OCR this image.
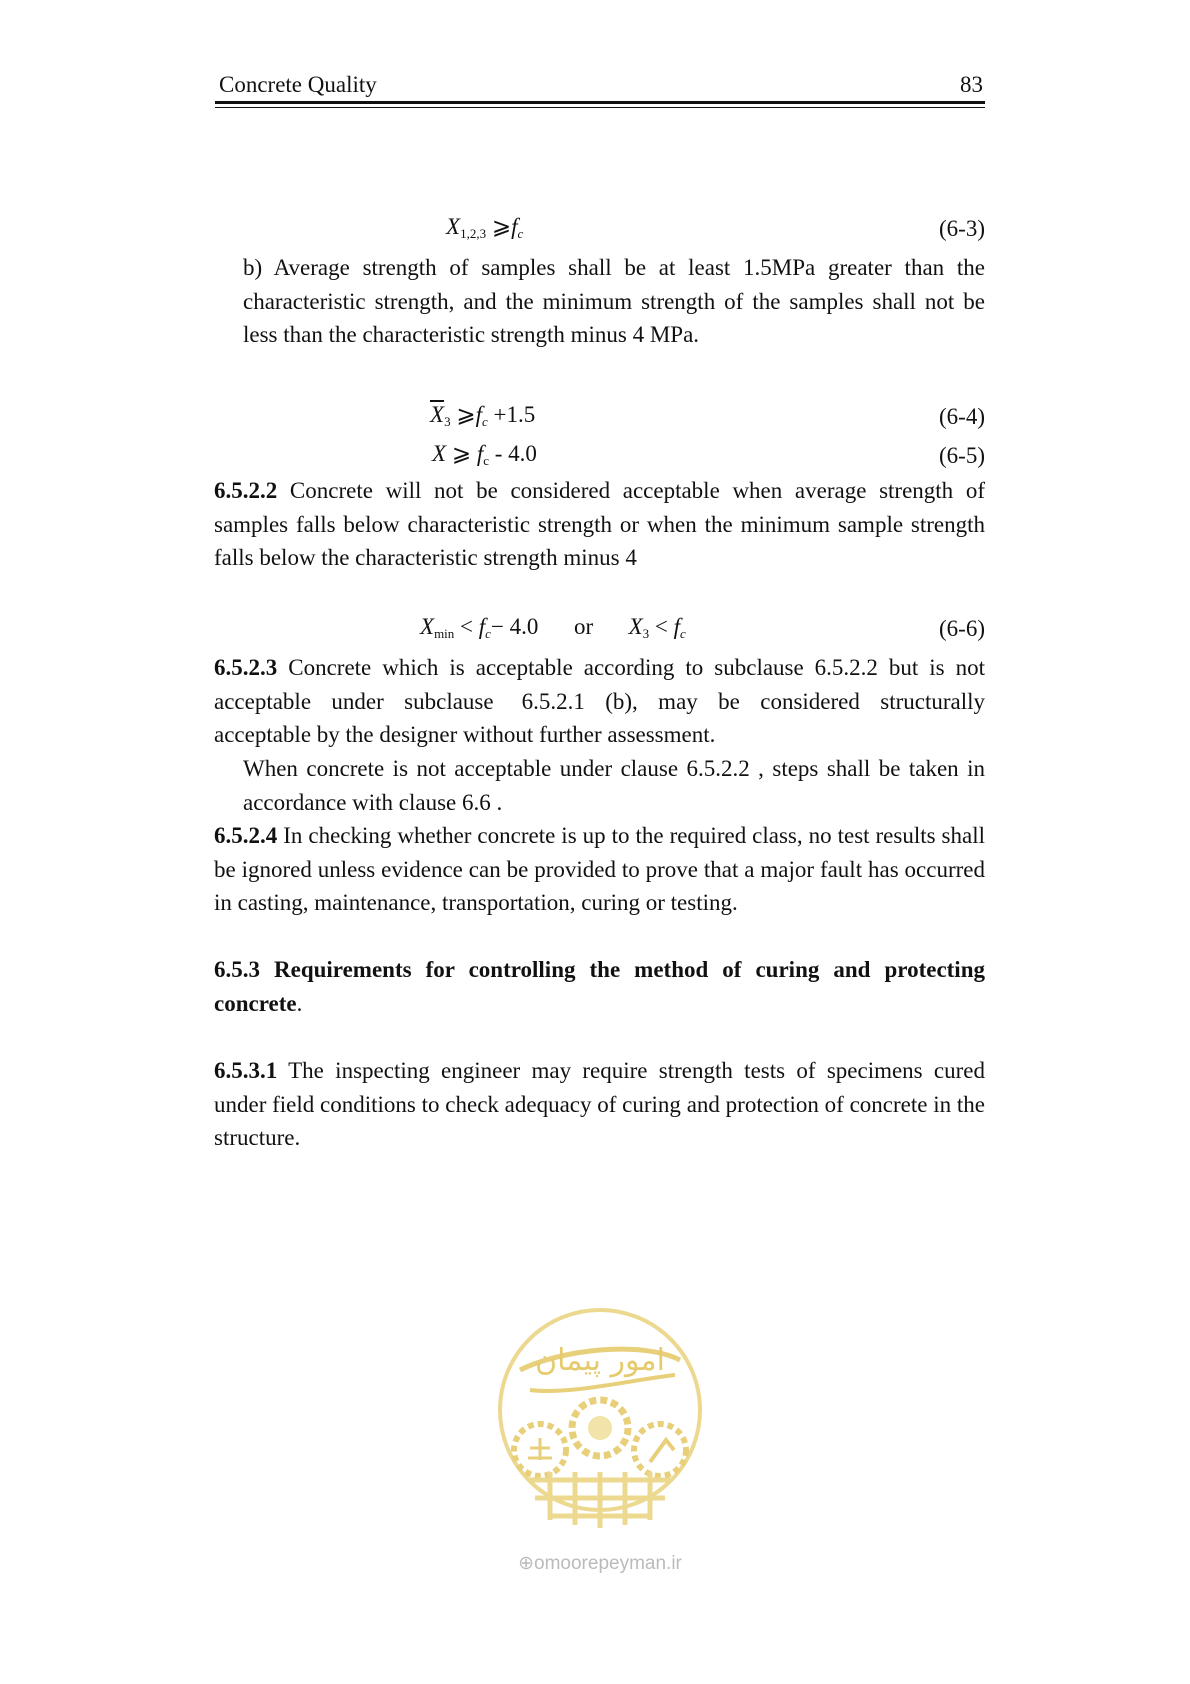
Concrete Quality	83
$X_{1,2,3}$ $⩾f_c$	(6-3)
b) Average strength of samples shall be at least 1.5MPa greater than the characteristic strength, and the minimum strength of the samples shall not be less than the characteristic strength minus 4 MPa.
$\overline{X}_3$ $⩾f_c +1.5$	(6-4)
X ⩾ $f_c - 4.0$	(6-5)
6.5.2.2 Concrete will not be considered acceptable when average strength of samples falls below characteristic strength or when the minimum sample strength falls below the characteristic strength minus 4
$X_{min} < f_c- 4.0$ or $X_3 < f_c$	(6-6)
6.5.2.3 Concrete which is acceptable according to subclause 6.5.2.2 but is not acceptable under subclause 6.5.2.1 (b), may be considered structurally acceptable by the designer without further assessment.
When concrete is not acceptable under clause 6.5.2.2 , steps shall be taken in accordance with clause 6.6 .
6.5.2.4 In checking whether concrete is up to the required class, no test results shall be ignored unless evidence can be provided to prove that a major fault has occurred in casting, maintenance, transportation, curing or testing.
6.5.3 Requirements for controlling the method of curing and protecting concrete.
6.5.3.1 The inspecting engineer may require strength tests of specimens cured under field conditions to check adequacy of curing and protection of concrete in the structure.
امور پیمان
⊕omoorepeyman.ir
